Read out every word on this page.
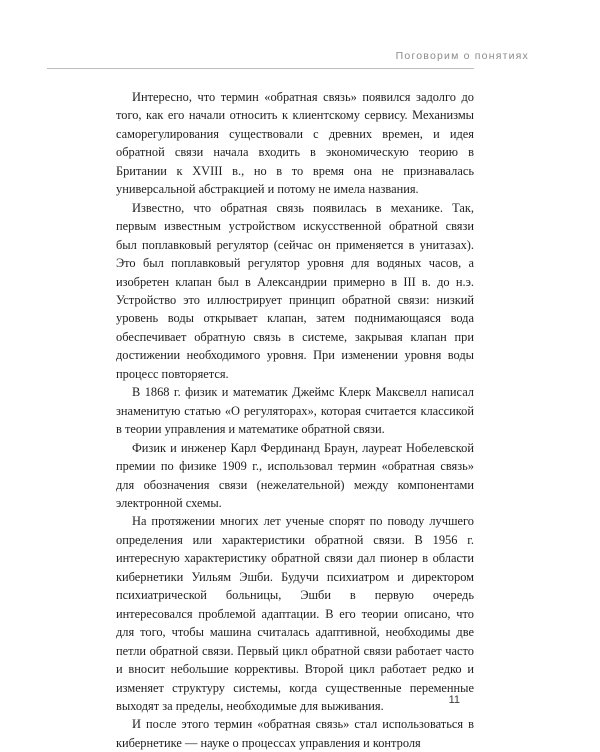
Поговорим о понятиях

Интересно, что термин «обратная связь» появился задолго до того, как его начали относить к клиентскому сервису. Механизмы саморегулирования существовали с древних времен, и идея обратной связи начала входить в экономическую теорию в Британии к XVIII в., но в то время она не признавалась универсальной абстракцией и потому не имела названия.

Известно, что обратная связь появилась в механике. Так, первым известным устройством искусственной обратной связи был поплавковый регулятор (сейчас он применяется в унитазах). Это был поплавковый регулятор уровня для водяных часов, а изобретен клапан был в Александрии примерно в III в. до н.э. Устройство это иллюстрирует принцип обратной связи: низкий уровень воды открывает клапан, затем поднимающаяся вода обеспечивает обратную связь в системе, закрывая клапан при достижении необходимого уровня. При изменении уровня воды процесс повторяется.

В 1868 г. физик и математик Джеймс Клерк Максвелл написал знаменитую статью «О регуляторах», которая считается классикой в теории управления и математике обратной связи.

Физик и инженер Карл Фердинанд Браун, лауреат Нобелевской премии по физике 1909 г., использовал термин «обратная связь» для обозначения связи (нежелательной) между компонентами электронной схемы.

На протяжении многих лет ученые спорят по поводу лучшего определения или характеристики обратной связи. В 1956 г. интересную характеристику обратной связи дал пионер в области кибернетики Уильям Эшби. Будучи психиатром и директором психиатрической больницы, Эшби в первую очередь интересовался проблемой адаптации. В его теории описано, что для того, чтобы машина считалась адаптивной, необходимы две петли обратной связи. Первый цикл обратной связи работает часто и вносит небольшие коррективы. Второй цикл работает редко и изменяет структуру системы, когда существенные переменные выходят за пределы, необходимые для выживания.

И после этого термин «обратная связь» стал использоваться в кибернетике — науке о процессах управления и контроля

11
